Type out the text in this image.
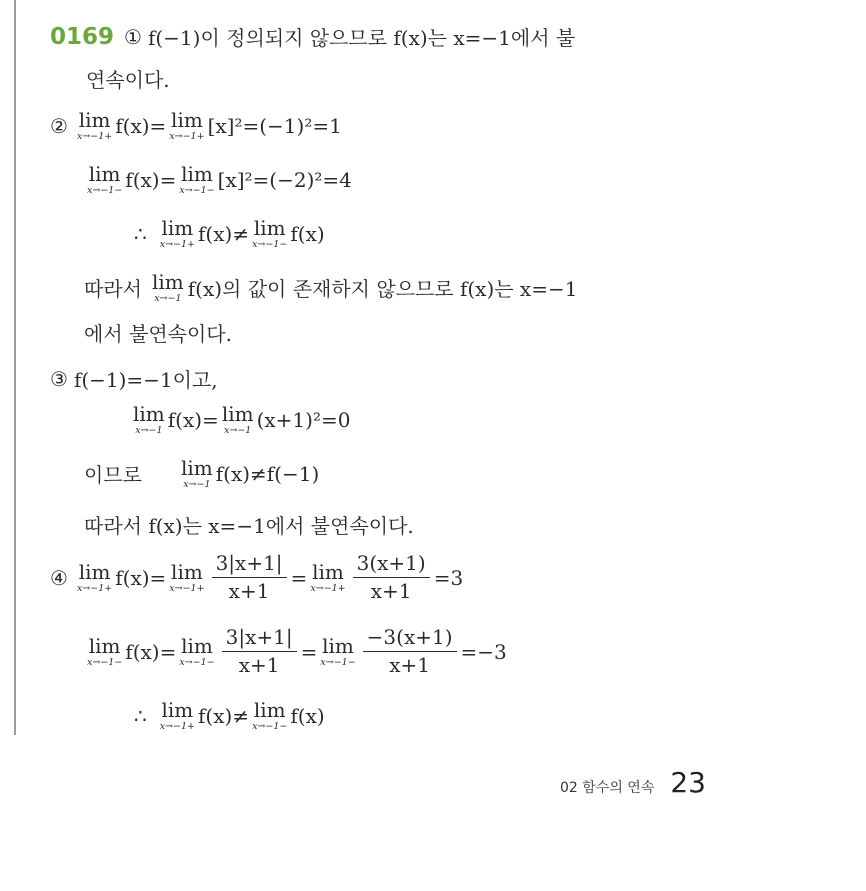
0169 ① f(−1)이 정의되지 않으므로 f(x)는 x=−1에서 불
연속이다.
② lim
x→−1+ f(x)= lim
x→−1+ [x]²=(−1)²=1
lim
x→−1− f(x)= lim
x→−1− [x]²=(−2)²=4
∴ lim
x→−1+ f(x)≠ lim
x→−1− f(x)
따라서 lim
x→−1 f(x)의 값이 존재하지 않으므로 f(x)는 x=−1
에서 불연속이다.
③ f(−1)=−1이고,
lim
x→−1 f(x)= lim
x→−1 (x+1)²=0
이므로 lim
x→−1 f(x)≠f(−1)
따라서 f(x)는 x=−1에서 불연속이다.
④ lim
x→−1+ f(x)= lim
$x\to-1+ \frac{3|x+1|}{x+1} = \lim$
$x\to-1+ \frac{3(x+1)}{x+1} =3$
lim
x→−1− f(x)= lim
$x\to-1- \frac{3|x+1|}{x+1} = \lim$
$x\to-1- \frac{-3(x+1)}{x+1} =-3$
∴ lim
x→−1+ f(x)≠ lim
x→−1− f(x)
02 함수의 연속 23
